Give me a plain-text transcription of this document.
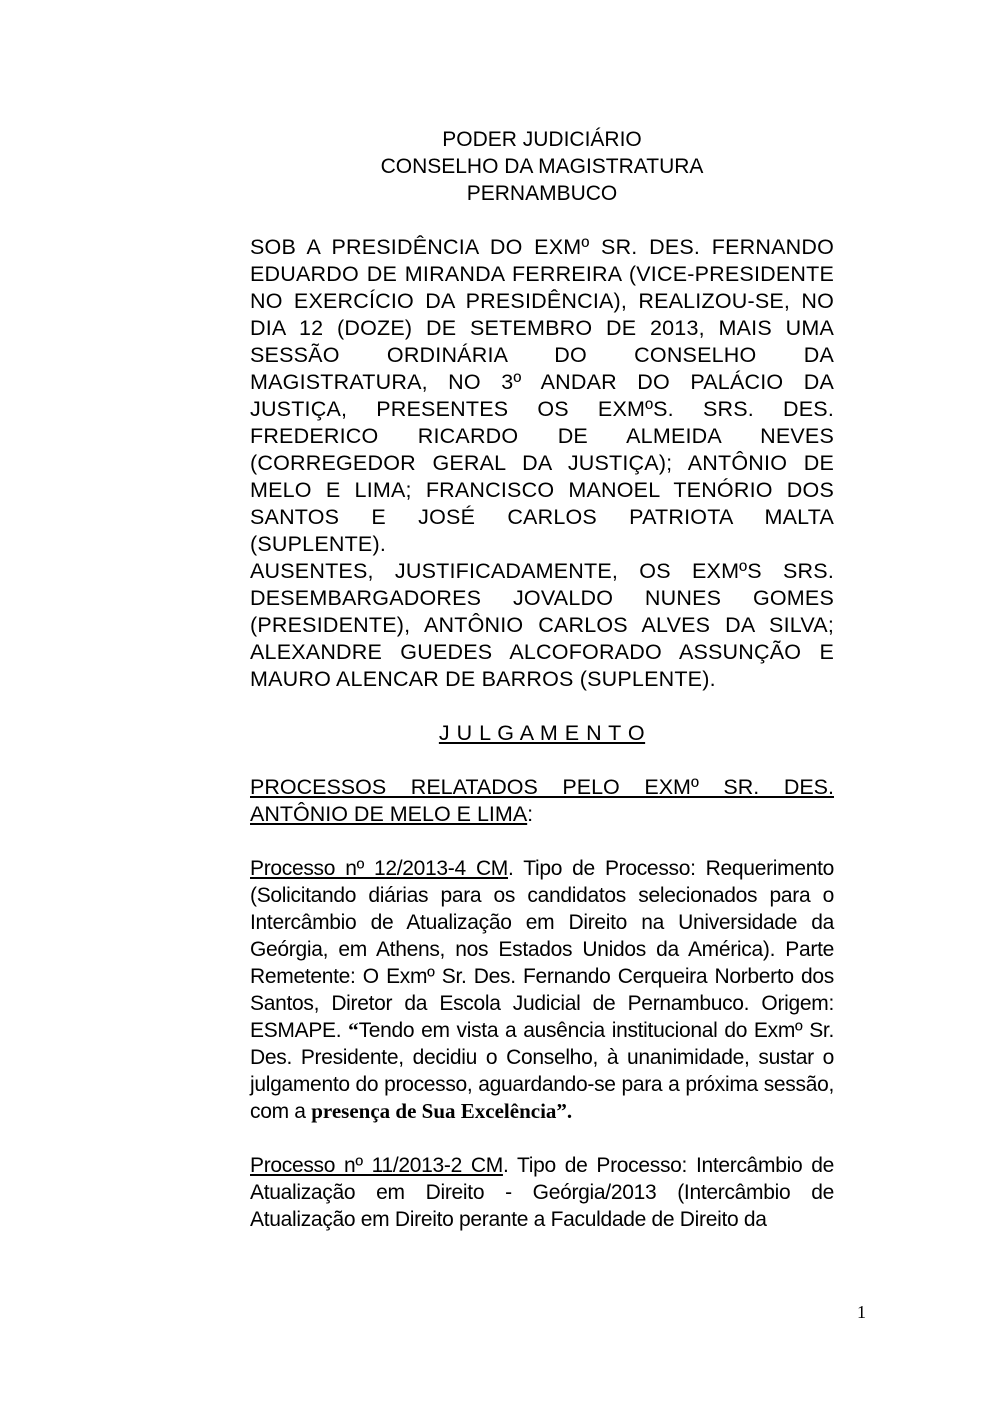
PODER JUDICIÁRIO
CONSELHO DA MAGISTRATURA
PERNAMBUCO

SOB A PRESIDÊNCIA DO EXMº SR. DES. FERNANDO EDUARDO DE MIRANDA FERREIRA (VICE-PRESIDENTE NO EXERCÍCIO DA PRESIDÊNCIA), REALIZOU-SE, NO DIA 12 (DOZE) DE SETEMBRO DE 2013, MAIS UMA SESSÃO ORDINÁRIA DO CONSELHO DA MAGISTRATURA, NO 3º ANDAR DO PALÁCIO DA JUSTIÇA, PRESENTES OS EXMºS. SRS. DES. FREDERICO RICARDO DE ALMEIDA NEVES (CORREGEDOR GERAL DA JUSTIÇA); ANTÔNIO DE MELO E LIMA; FRANCISCO MANOEL TENÓRIO DOS SANTOS E JOSÉ CARLOS PATRIOTA MALTA (SUPLENTE).

AUSENTES, JUSTIFICADAMENTE, OS EXMºS SRS. DESEMBARGADORES JOVALDO NUNES GOMES (PRESIDENTE), ANTÔNIO CARLOS ALVES DA SILVA; ALEXANDRE GUEDES ALCOFORADO ASSUNÇÃO E MAURO ALENCAR DE BARROS (SUPLENTE).

J U L G A M E N T O
PROCESSOS RELATADOS PELO EXMº SR. DES. ANTÔNIO DE MELO E LIMA:

Processo nº 12/2013-4 CM. Tipo de Processo: Requerimento (Solicitando diárias para os candidatos selecionados para o Intercâmbio de Atualização em Direito na Universidade da Geórgia, em Athens, nos Estados Unidos da América). Parte Remetente: O Exmº Sr. Des. Fernando Cerqueira Norberto dos Santos, Diretor da Escola Judicial de Pernambuco. Origem: ESMAPE. “Tendo em vista a ausência institucional do Exmº Sr. Des. Presidente, decidiu o Conselho, à unanimidade, sustar o julgamento do processo, aguardando-se para a próxima sessão, com a presença de Sua Excelência”.

Processo nº 11/2013-2 CM. Tipo de Processo: Intercâmbio de Atualização em Direito - Geórgia/2013 (Intercâmbio de Atualização em Direito perante a Faculdade de Direito da

1
